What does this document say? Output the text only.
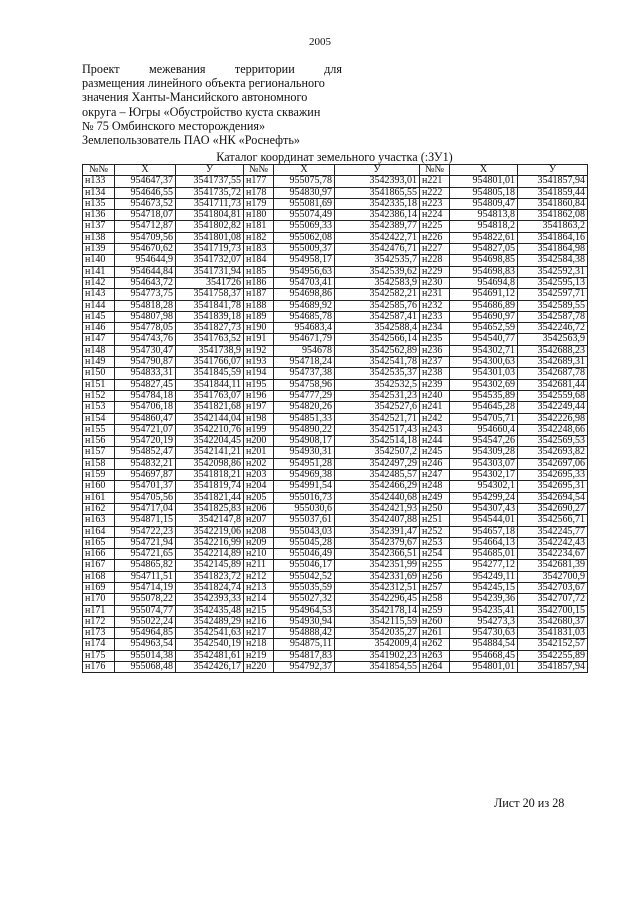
2005
Проект межевания территории для
размещения линейного объекта регионального
значения Ханты-Мансийского автономного
округа – Югры «Обустройство куста скважин
№ 75 Омбинского месторождения»
Землепользователь ПАО «НК «Роснефть»
Каталог координат земельного участка (:ЗУ1)
№№	X	У	№№	X	У	№№	X	У
н133	954647,37	3541737,55	н177	955075,78	3542393,01	н221	954801,01	3541857,94
н134	954646,55	3541735,72	н178	954830,97	3541865,55	н222	954805,18	3541859,44
н135	954673,52	3541711,73	н179	955081,69	3542335,18	н223	954809,47	3541860,84
н136	954718,07	3541804,81	н180	955074,49	3542386,14	н224	954813,8	3541862,08
н137	954712,87	3541802,82	н181	955069,33	3542389,77	н225	954818,2	3541863,2
н138	954709,56	3541801,08	н182	955062,08	3542422,71	н226	954822,61	3541864,16
н139	954670,62	3541719,73	н183	955009,37	3542476,71	н227	954827,05	3541864,98
н140	954644,9	3541732,07	н184	954958,17	3542535,7	н228	954698,85	3542584,38
н141	954644,84	3541731,94	н185	954956,63	3542539,62	н229	954698,83	3542592,31
н142	954643,72	3541726	н186	954703,41	3542583,9	н230	954694,8	3542595,13
н143	954773,75	3541758,37	н187	954698,86	3542582,21	н231	954691,12	3542597,71
н144	954818,28	3541841,78	н188	954689,92	3542585,76	н232	954686,89	3542589,55
н145	954807,98	3541839,18	н189	954685,78	3542587,41	н233	954690,97	3542587,78
н146	954778,05	3541827,73	н190	954683,4	3542588,4	н234	954652,59	3542246,72
н147	954743,76	3541763,52	н191	954671,79	3542566,14	н235	954540,77	3542563,9
н148	954730,47	3541738,9	н192	954678	3542562,89	н236	954302,71	3542688,23
н149	954790,87	3541766,07	н193	954718,24	3542541,78	н237	954300,63	3542689,31
н150	954833,31	3541845,59	н194	954737,38	3542535,37	н238	954301,03	3542687,78
н151	954827,45	3541844,11	н195	954758,96	3542532,5	н239	954302,69	3542681,44
н152	954784,18	3541763,07	н196	954777,29	3542531,23	н240	954535,89	3542559,68
н153	954706,18	3541821,68	н197	954820,26	3542527,6	н241	954645,28	3542249,44
н154	954860,47	3542144,04	н198	954851,33	3542521,71	н242	954705,71	3542226,98
н155	954721,07	3542210,76	н199	954890,22	3542517,43	н243	954660,4	3542248,66
н156	954720,19	3542204,45	н200	954908,17	3542514,18	н244	954547,26	3542569,53
н157	954852,47	3542141,21	н201	954930,31	3542507,2	н245	954309,28	3542693,82
н158	954832,21	3542098,86	н202	954951,28	3542497,29	н246	954303,07	3542697,06
н159	954697,87	3541818,21	н203	954969,38	3542485,57	н247	954302,17	3542695,33
н160	954701,37	3541819,74	н204	954991,54	3542466,29	н248	954302,1	3542695,31
н161	954705,56	3541821,44	н205	955016,73	3542440,68	н249	954299,24	3542694,54
н162	954717,04	3541825,83	н206	955030,6	3542421,93	н250	954307,43	3542690,27
н163	954871,15	3542147,8	н207	955037,61	3542407,88	н251	954544,01	3542566,71
н164	954722,23	3542219,06	н208	955043,03	3542391,47	н252	954657,18	3542245,77
н165	954721,94	3542216,99	н209	955045,28	3542379,67	н253	954664,13	3542242,43
н166	954721,65	3542214,89	н210	955046,49	3542366,51	н254	954685,01	3542234,67
н167	954865,82	3542145,89	н211	955046,17	3542351,99	н255	954277,12	3542681,39
н168	954711,51	3541823,72	н212	955042,52	3542331,69	н256	954249,11	3542700,9
н169	954714,19	3541824,74	н213	955035,59	3542312,51	н257	954245,15	3542703,67
н170	955078,22	3542393,33	н214	955027,32	3542296,45	н258	954239,36	3542707,72
н171	955074,77	3542435,48	н215	954964,53	3542178,14	н259	954235,41	3542700,15
н172	955022,24	3542489,29	н216	954930,94	3542115,59	н260	954273,3	3542680,37
н173	954964,85	3542541,63	н217	954888,42	3542035,27	н261	954730,63	3541831,03
н174	954963,54	3542540,19	н218	954875,11	3542009,4	н262	954884,54	3542152,57
н175	955014,38	3542481,61	н219	954817,83	3541902,23	н263	954668,45	3542255,89
н176	955068,48	3542426,17	н220	954792,37	3541854,55	н264	954801,01	3541857,94
Лист 20 из 28
